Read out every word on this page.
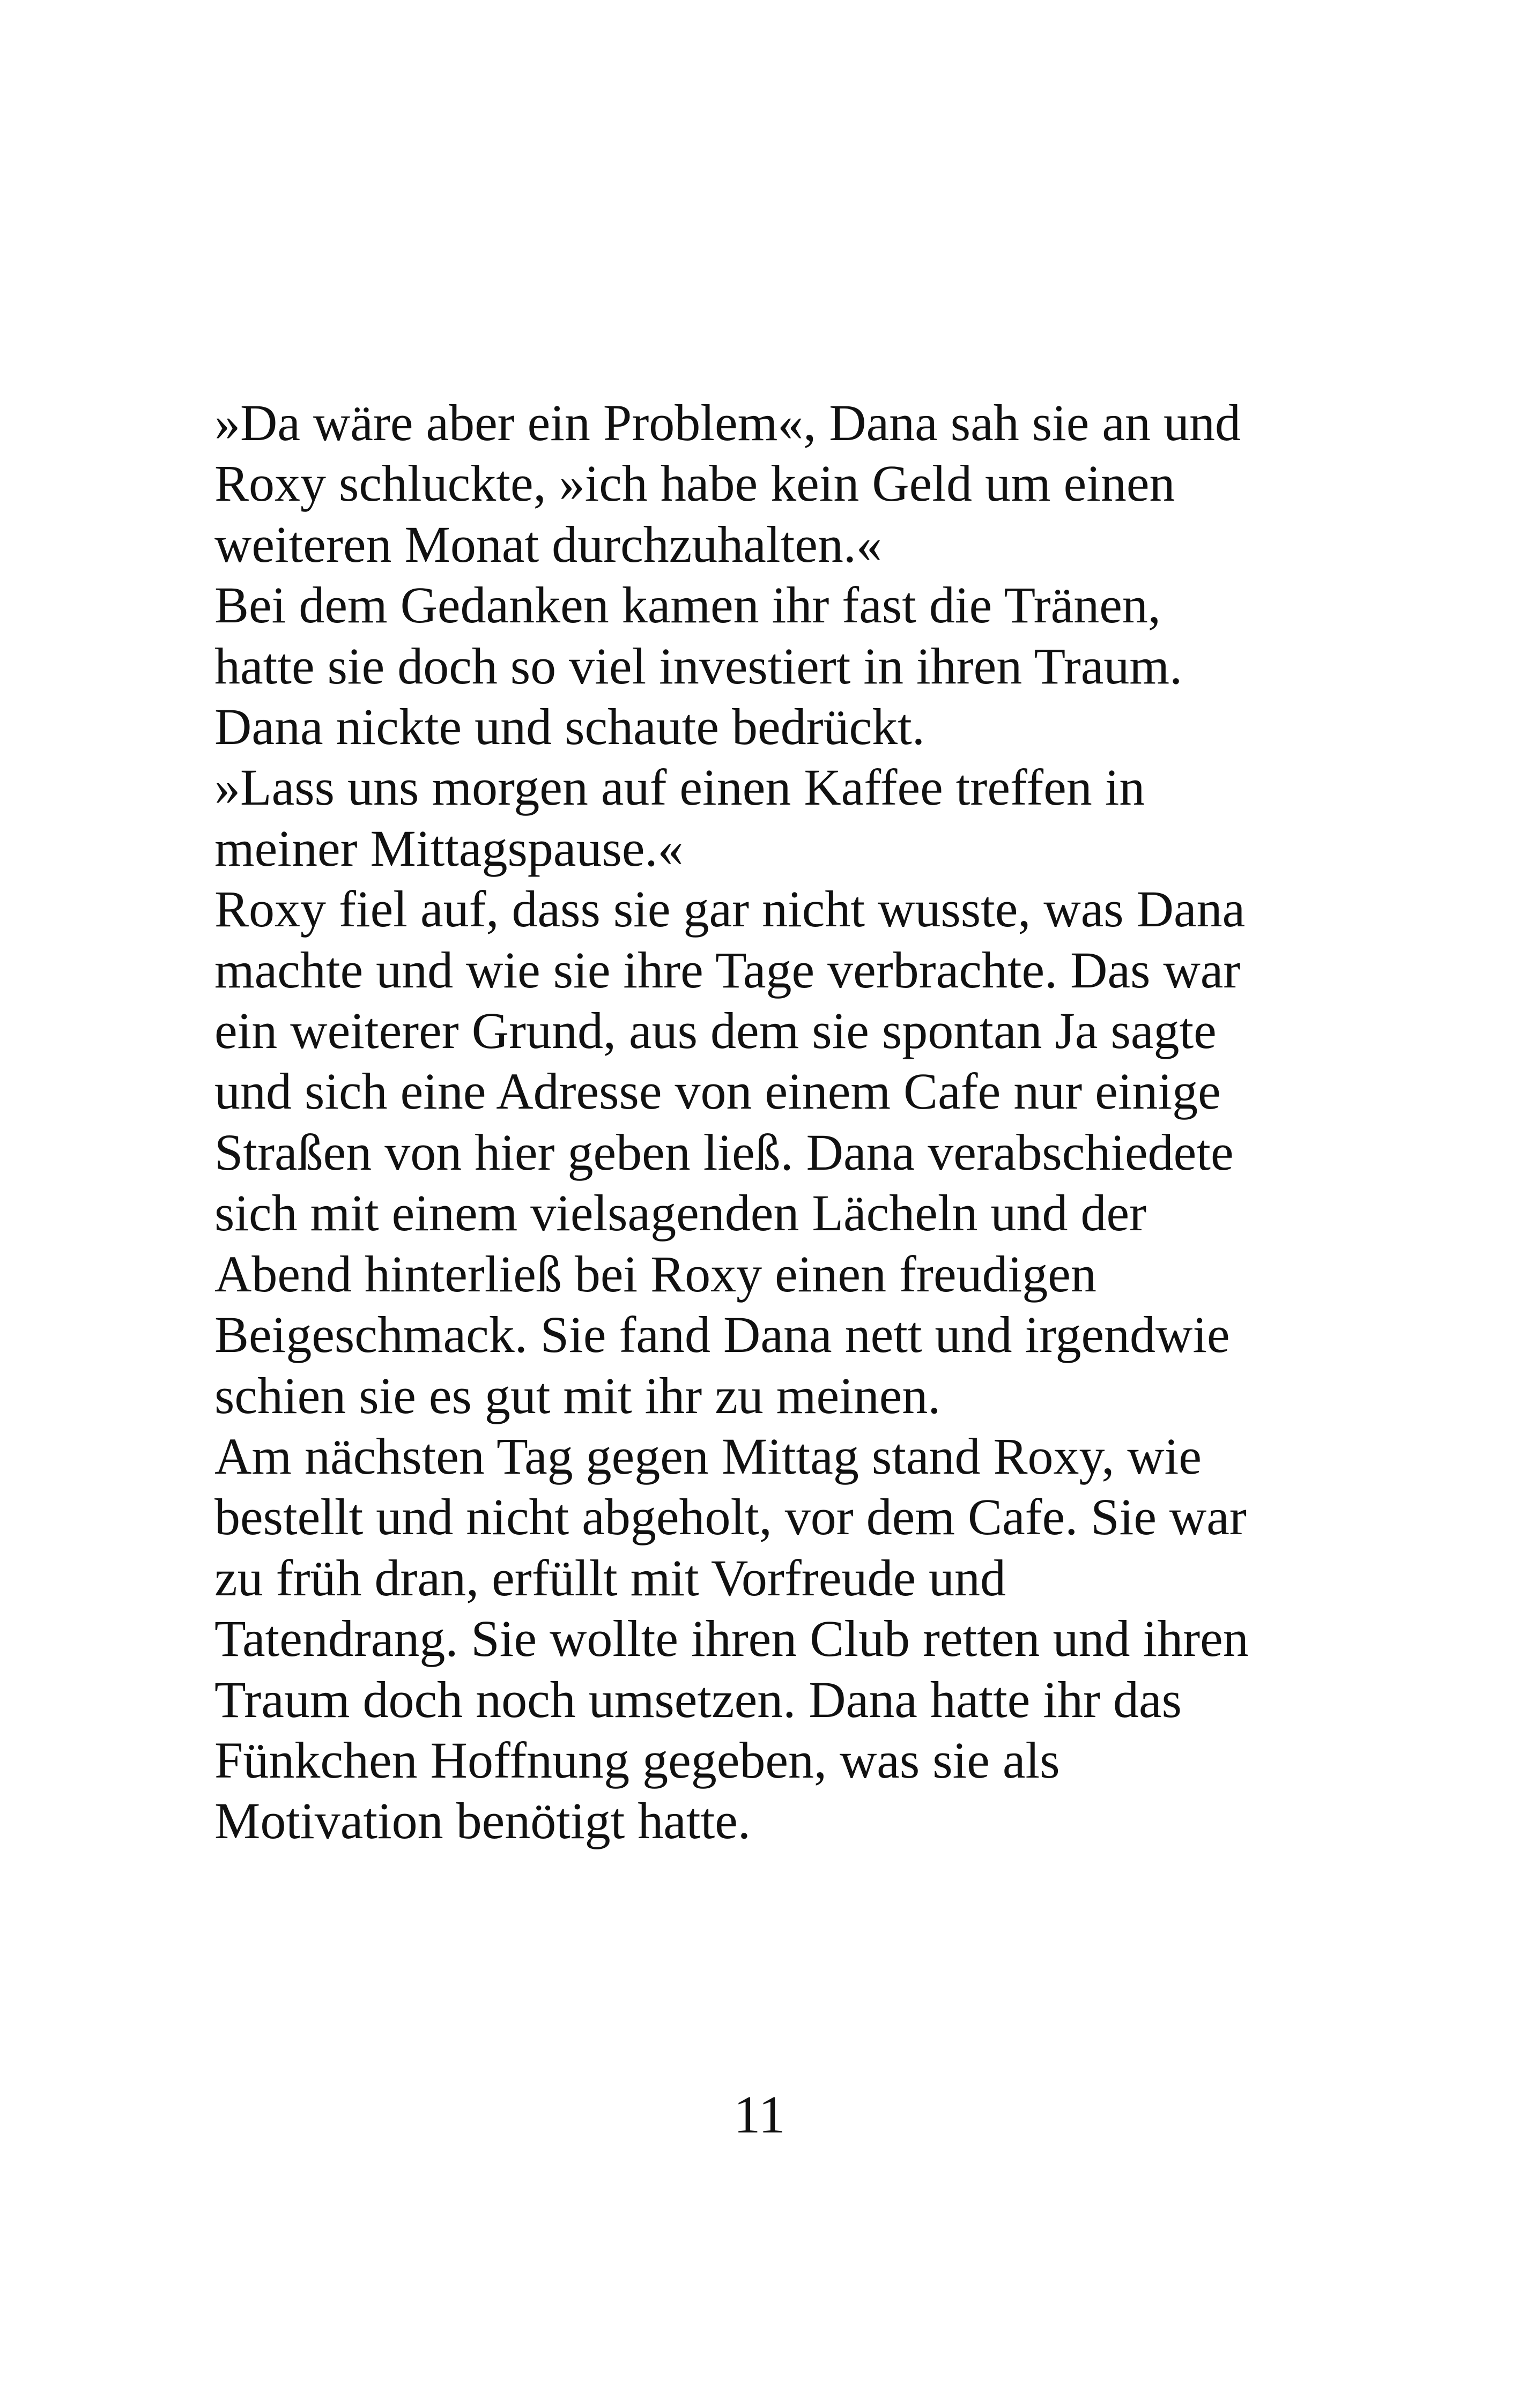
»Da wäre aber ein Problem«, Dana sah sie an und
Roxy schluckte, »ich habe kein Geld um einen
weiteren Monat durchzuhalten.«
Bei dem Gedanken kamen ihr fast die Tränen,
hatte sie doch so viel investiert in ihren Traum.
Dana nickte und schaute bedrückt.
»Lass uns morgen auf einen Kaffee treffen in
meiner Mittagspause.«
Roxy fiel auf, dass sie gar nicht wusste, was Dana
machte und wie sie ihre Tage verbrachte. Das war
ein weiterer Grund, aus dem sie spontan Ja sagte
und sich eine Adresse von einem Cafe nur einige
Straßen von hier geben ließ. Dana verabschiedete
sich mit einem vielsagenden Lächeln und der
Abend hinterließ bei Roxy einen freudigen
Beigeschmack. Sie fand Dana nett und irgendwie
schien sie es gut mit ihr zu meinen.
Am nächsten Tag gegen Mittag stand Roxy, wie
bestellt und nicht abgeholt, vor dem Cafe. Sie war
zu früh dran, erfüllt mit Vorfreude und
Tatendrang. Sie wollte ihren Club retten und ihren
Traum doch noch umsetzen. Dana hatte ihr das
Fünkchen Hoffnung gegeben, was sie als
Motivation benötigt hatte.
11
